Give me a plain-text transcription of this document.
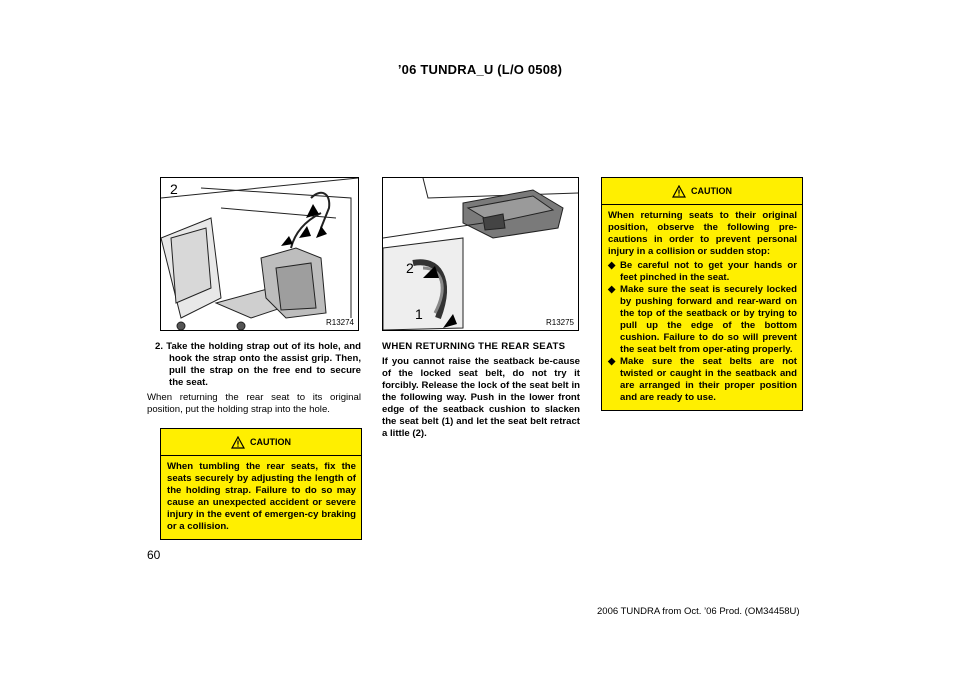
’06 TUNDRA_U (L/O 0508)
2
R13274
2
1
R13275
2. Take the holding strap out of its hole, and hook the strap onto the assist grip. Then, pull the strap on the free end to secure the seat.
When returning the rear seat to its original position, put the holding strap into the hole.
CAUTION
When tumbling the rear seats, fix the seats securely by adjusting the length of the holding strap. Failure to do so may cause an unexpected accident or severe injury in the event of emergen-cy braking or a collision.
WHEN RETURNING THE REAR SEATS
If you cannot raise the seatback be-cause of the locked seat belt, do not try it forcibly. Release the lock of the seat belt in the following way. Push in the lower front edge of the seatback cushion to slacken the seat belt (1) and let the seat belt retract a little (2).
CAUTION
When returning seats to their original position, observe the following pre-cautions in order to prevent personal injury in a collision or sudden stop:
◆ Be careful not to get your hands or feet pinched in the seat.
◆ Make sure the seat is securely locked by pushing forward and rear-ward on the top of the seatback or by trying to pull up the edge of the bottom cushion. Failure to do so will prevent the seat belt from oper-ating properly.
◆ Make sure the seat belts are not twisted or caught in the seatback and are arranged in their proper position and are ready to use.
60
2006 TUNDRA from Oct. ’06 Prod. (OM34458U)
